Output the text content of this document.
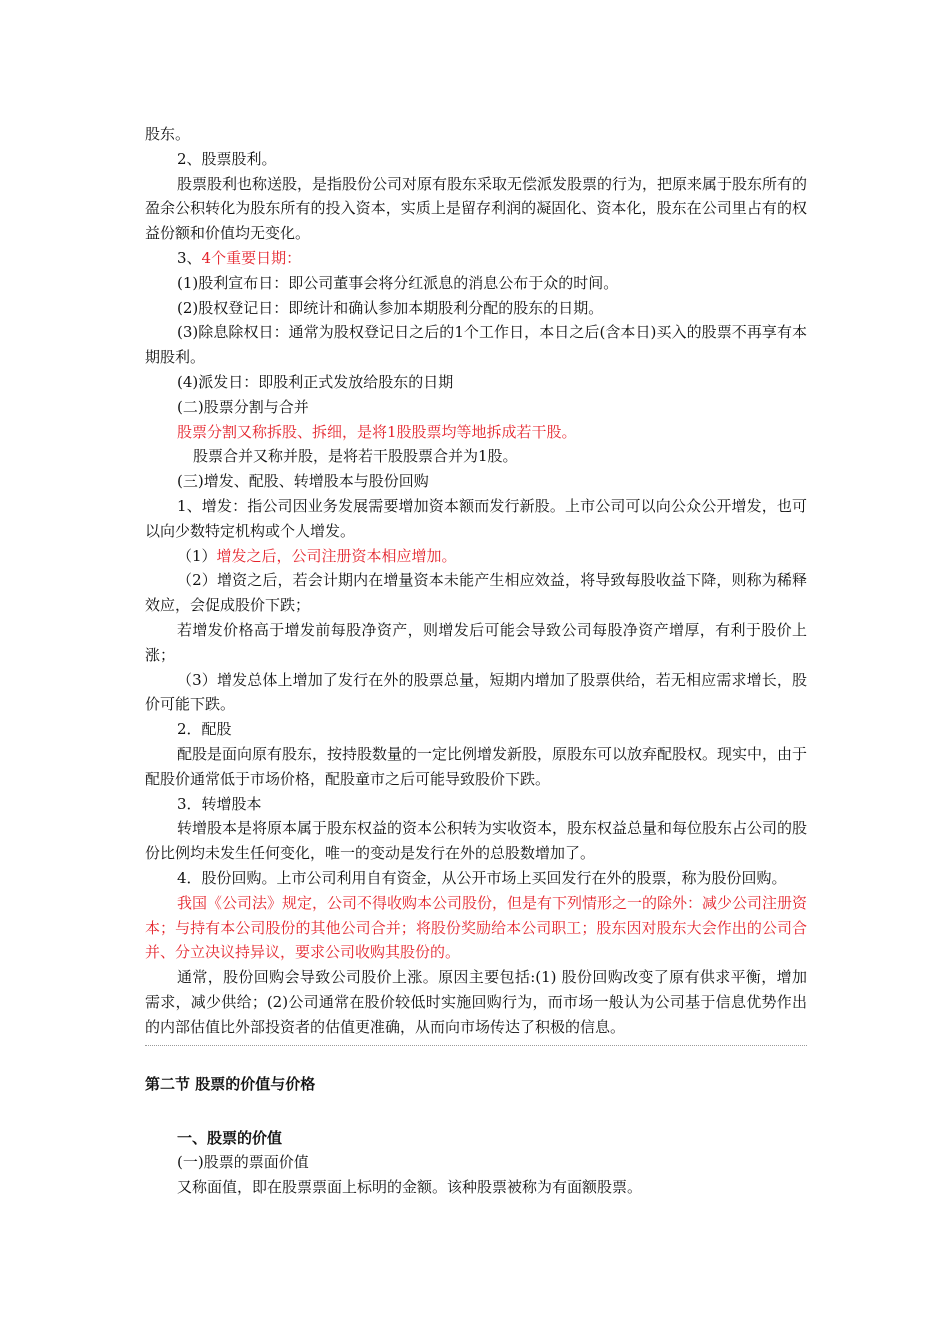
股东。

2、股票股利。

股票股利也称送股，是指股份公司对原有股东采取无偿派发股票的行为，把原来属于股东所有的盈余公积转化为股东所有的投入资本，实质上是留存利润的凝固化、资本化，股东在公司里占有的权益份额和价值均无变化。

3、4个重要日期：

(1)股利宣布日：即公司董事会将分红派息的消息公布于众的时间。

(2)股权登记日：即统计和确认参加本期股利分配的股东的日期。

(3)除息除权日：通常为股权登记日之后的1个工作日，本日之后(含本日)买入的股票不再享有本期股利。

(4)派发日：即股利正式发放给股东的日期

(二)股票分割与合并

股票分割又称拆股、拆细，是将1股股票均等地拆成若干股。

股票合并又称并股，是将若干股股票合并为1股。

(三)增发、配股、转增股本与股份回购

1、增发：指公司因业务发展需要增加资本额而发行新股。上市公司可以向公众公开增发，也可以向少数特定机构或个人增发。

（1）增发之后，公司注册资本相应增加。

（2）增资之后，若会计期内在增量资本未能产生相应效益，将导致每股收益下降，则称为稀释效应，会促成股价下跌；

若增发价格高于增发前每股净资产，则增发后可能会导致公司每股净资产增厚，有利于股价上涨；

（3）增发总体上增加了发行在外的股票总量，短期内增加了股票供给，若无相应需求增长，股价可能下跌。

2．配股

配股是面向原有股东，按持股数量的一定比例增发新股，原股东可以放弃配股权。现实中，由于配股价通常低于市场价格，配股童市之后可能导致股价下跌。

3．转增股本

转增股本是将原本属于股东权益的资本公积转为实收资本，股东权益总量和每位股东占公司的股份比例均未发生任何变化，唯一的变动是发行在外的总股数增加了。

4．股份回购。上市公司利用自有资金，从公开市场上买回发行在外的股票，称为股份回购。

我国《公司法》规定，公司不得收购本公司股份，但是有下列情形之一的除外：减少公司注册资本；与持有本公司股份的其他公司合并；将股份奖励给本公司职工；股东因对股东大会作出的公司合并、分立决议持异议，要求公司收购其股份的。

通常，股份回购会导致公司股价上涨。原因主要包括:(1) 股份回购改变了原有供求平衡，增加需求，减少供给；(2)公司通常在股价较低时实施回购行为，而市场一般认为公司基于信息优势作出的内部估值比外部投资者的估值更准确，从而向市场传达了积极的信息。

第二节 股票的价值与价格
一、股票的价值

(一)股票的票面价值

又称面值，即在股票票面上标明的金额。该种股票被称为有面额股票。
